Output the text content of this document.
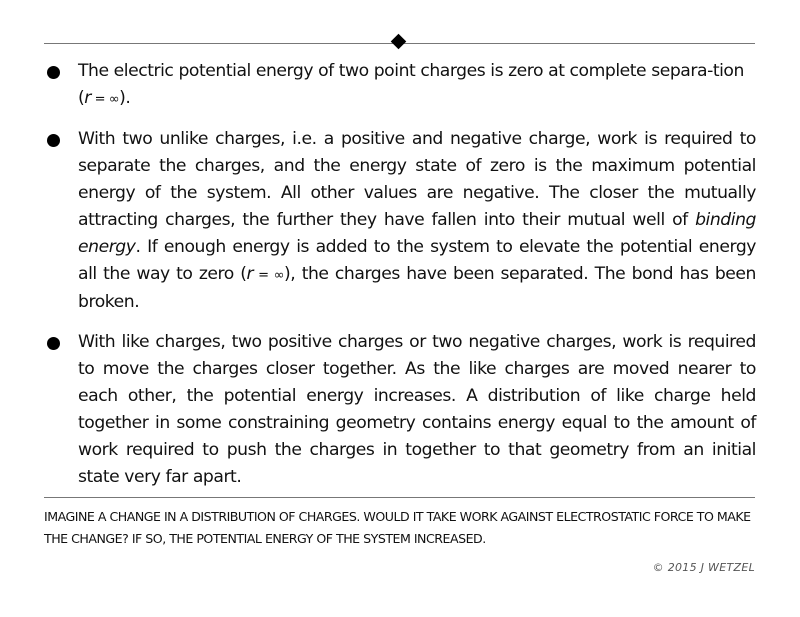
The electric potential energy of two point charges is zero at complete separa-tion (r = ∞).
With two unlike charges, i.e. a positive and negative charge, work is required to separate the charges, and the energy state of zero is the maximum potential energy of the system. All other values are negative. The closer the mutually attracting charges, the further they have fallen into their mutual well of binding energy. If enough energy is added to the system to elevate the potential energy all the way to zero (r = ∞), the charges have been separated. The bond has been broken.
With like charges, two positive charges or two negative charges, work is required to move the charges closer together. As the like charges are moved nearer to each other, the potential energy increases. A distribution of like charge held together in some constraining geometry contains energy equal to the amount of work required to push the charges in together to that geometry from an initial state very far apart.
IMAGINE A CHANGE IN A DISTRIBUTION OF CHARGES. WOULD IT TAKE WORK AGAINST ELECTROSTATIC FORCE TO MAKE THE CHANGE? IF SO, THE POTENTIAL ENERGY OF THE SYSTEM INCREASED.
© 2015 J WETZEL
